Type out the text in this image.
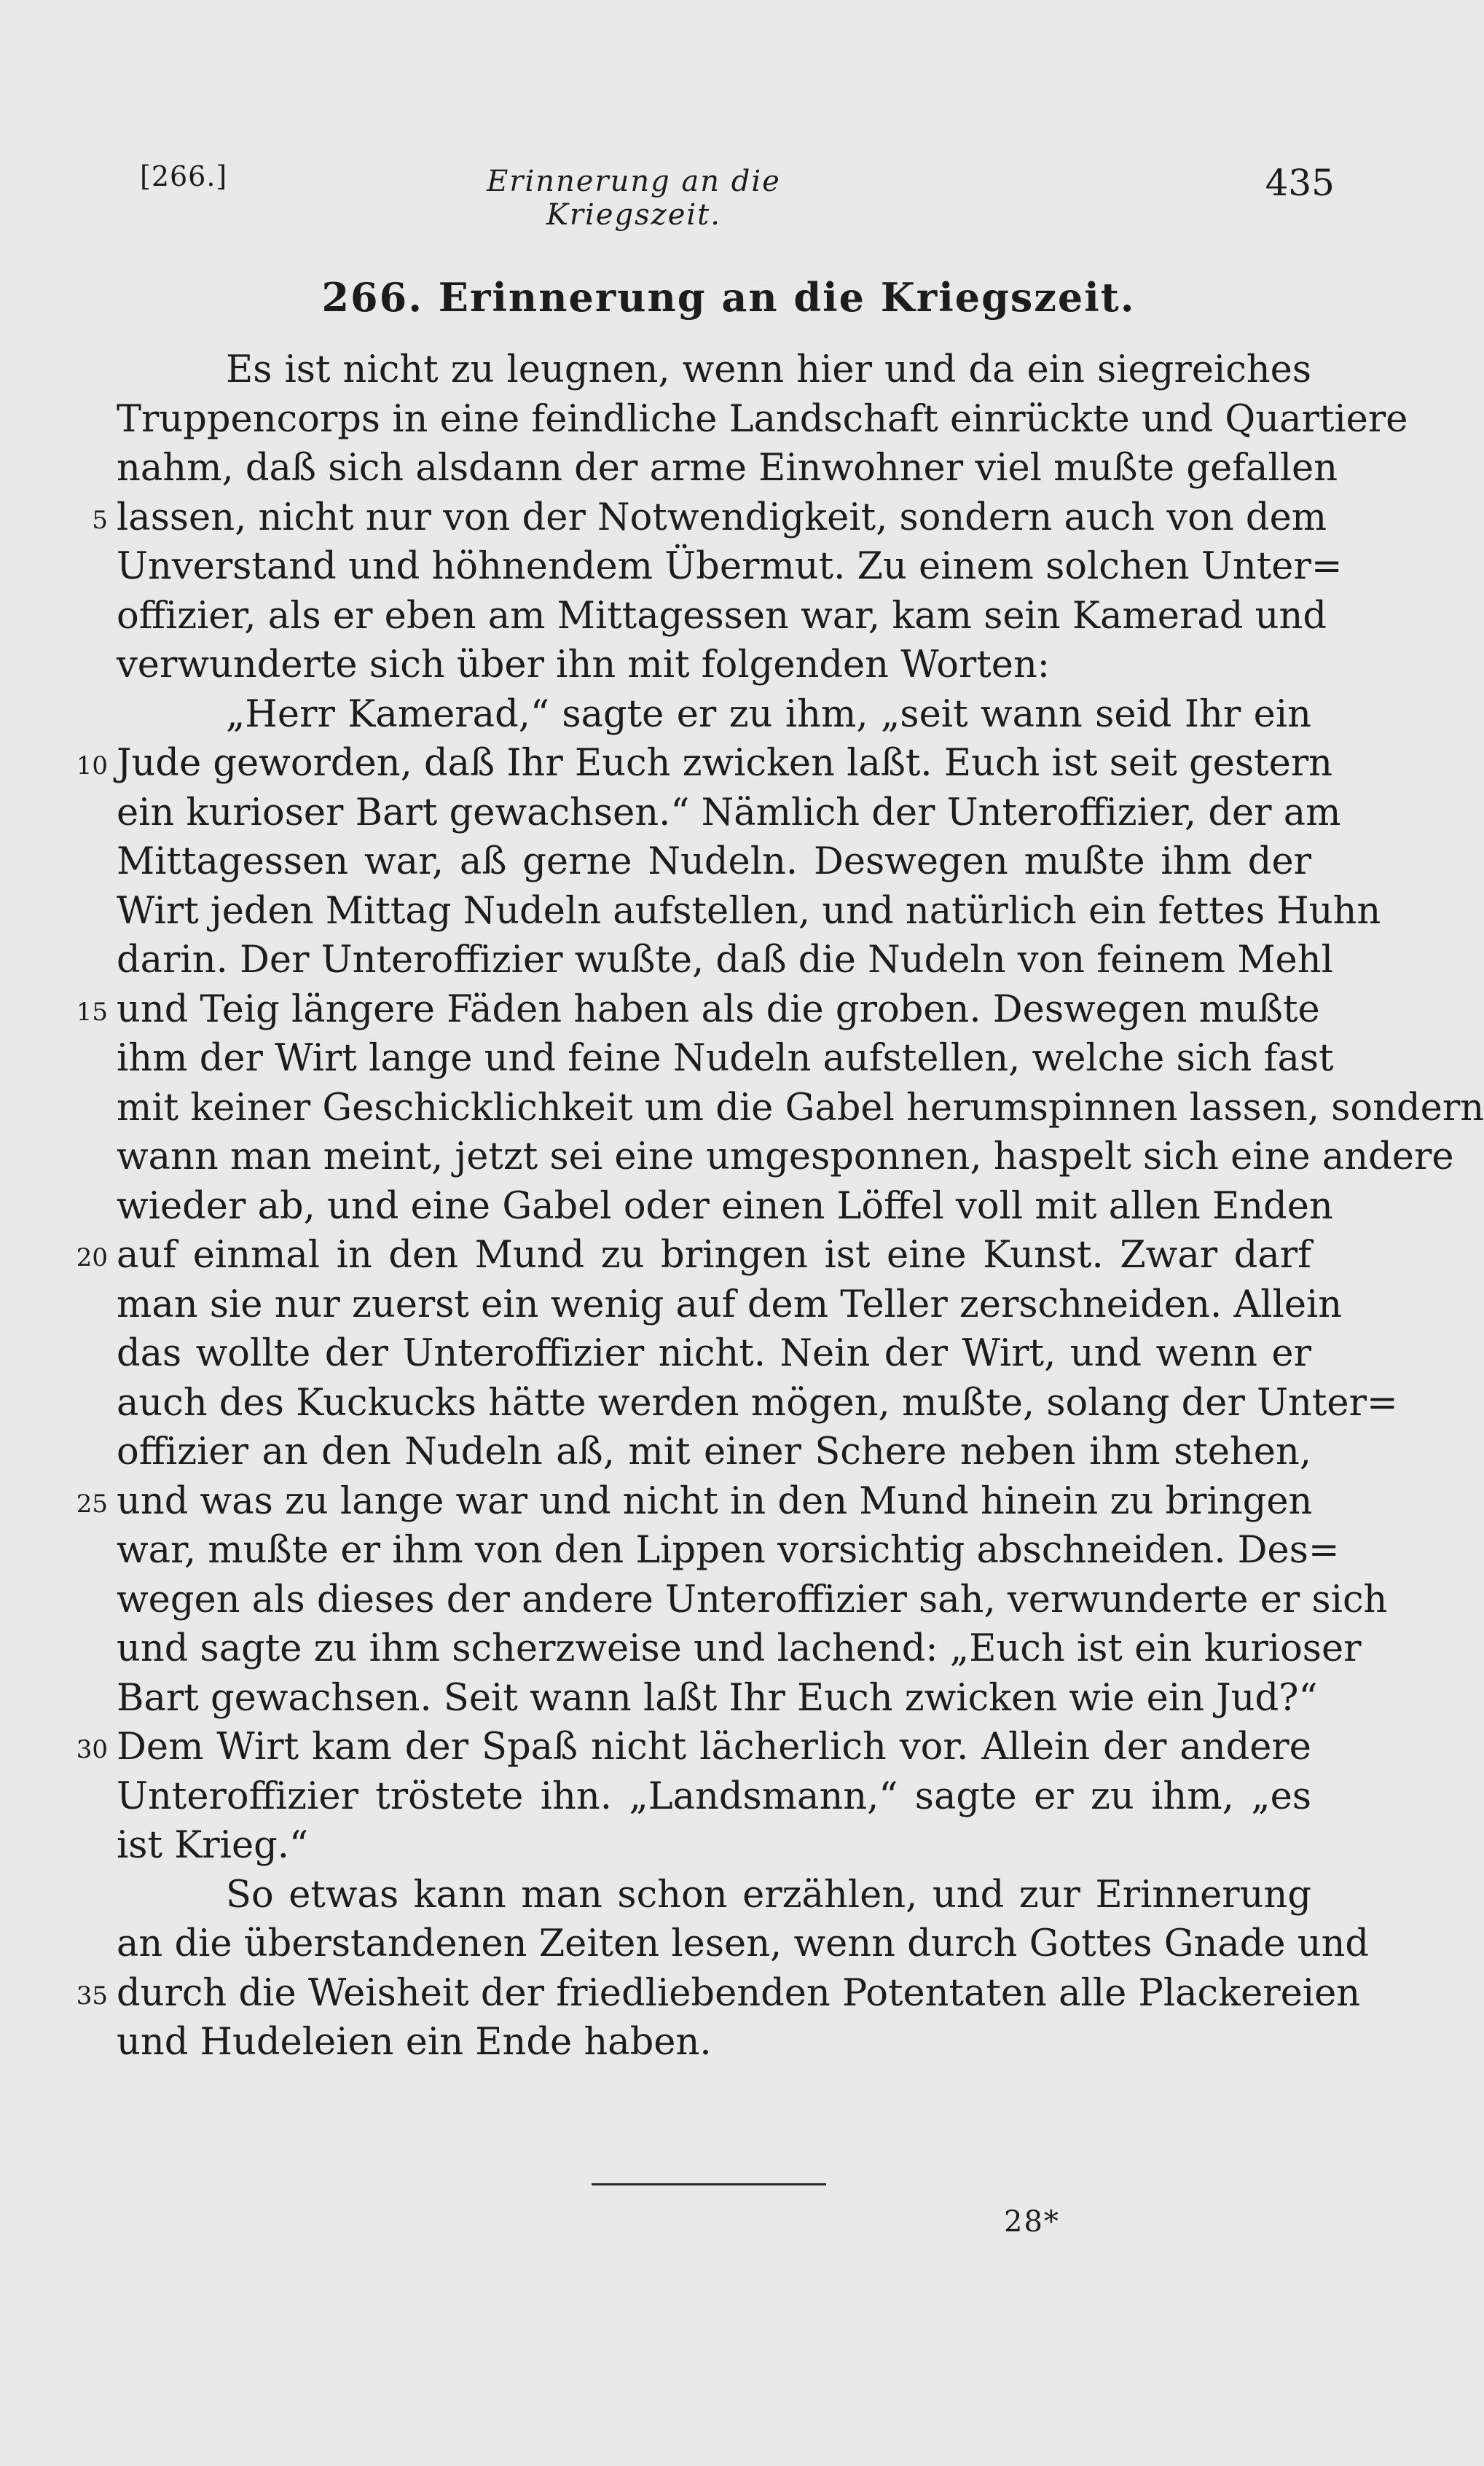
[266.]	Erinnerung an die Kriegszeit.
435
266. Erinnerung an die Kriegszeit.
Es ist nicht zu leugnen, wenn hier und da ein siegreiches
Truppencorps in eine feindliche Landschaft einrückte und Quartiere
nahm, daß sich alsdann der arme Einwohner viel mußte gefallen
5 lassen, nicht nur von der Notwendigkeit, sondern auch von dem
Unverstand und höhnendem Übermut. Zu einem solchen Unter=
offizier, als er eben am Mittagessen war, kam sein Kamerad und
verwunderte sich über ihn mit folgenden Worten:
„Herr Kamerad,“ sagte er zu ihm, „seit wann seid Ihr ein
10 Jude geworden, daß Ihr Euch zwicken laßt. Euch ist seit gestern
ein kurioser Bart gewachsen.“ Nämlich der Unteroffizier, der am
Mittagessen war, aß gerne Nudeln. Deswegen mußte ihm der
Wirt jeden Mittag Nudeln aufstellen, und natürlich ein fettes Huhn
darin. Der Unteroffizier wußte, daß die Nudeln von feinem Mehl
15 und Teig längere Fäden haben als die groben. Deswegen mußte
ihm der Wirt lange und feine Nudeln aufstellen, welche sich fast
mit keiner Geschicklichkeit um die Gabel herumspinnen lassen, sondern
wann man meint, jetzt sei eine umgesponnen, haspelt sich eine andere
wieder ab, und eine Gabel oder einen Löffel voll mit allen Enden
20 auf einmal in den Mund zu bringen ist eine Kunst. Zwar darf
man sie nur zuerst ein wenig auf dem Teller zerschneiden. Allein
das wollte der Unteroffizier nicht. Nein der Wirt, und wenn er
auch des Kuckucks hätte werden mögen, mußte, solang der Unter=
offizier an den Nudeln aß, mit einer Schere neben ihm stehen,
25 und was zu lange war und nicht in den Mund hinein zu bringen
war, mußte er ihm von den Lippen vorsichtig abschneiden. Des=
wegen als dieses der andere Unteroffizier sah, verwunderte er sich
und sagte zu ihm scherzweise und lachend: „Euch ist ein kurioser
Bart gewachsen. Seit wann laßt Ihr Euch zwicken wie ein Jud?“
30 Dem Wirt kam der Spaß nicht lächerlich vor. Allein der andere
Unteroffizier tröstete ihn. „Landsmann,“ sagte er zu ihm, „es
ist Krieg.“
So etwas kann man schon erzählen, und zur Erinnerung
an die überstandenen Zeiten lesen, wenn durch Gottes Gnade und
35 durch die Weisheit der friedliebenden Potentaten alle Plackereien
und Hudeleien ein Ende haben.
28*
